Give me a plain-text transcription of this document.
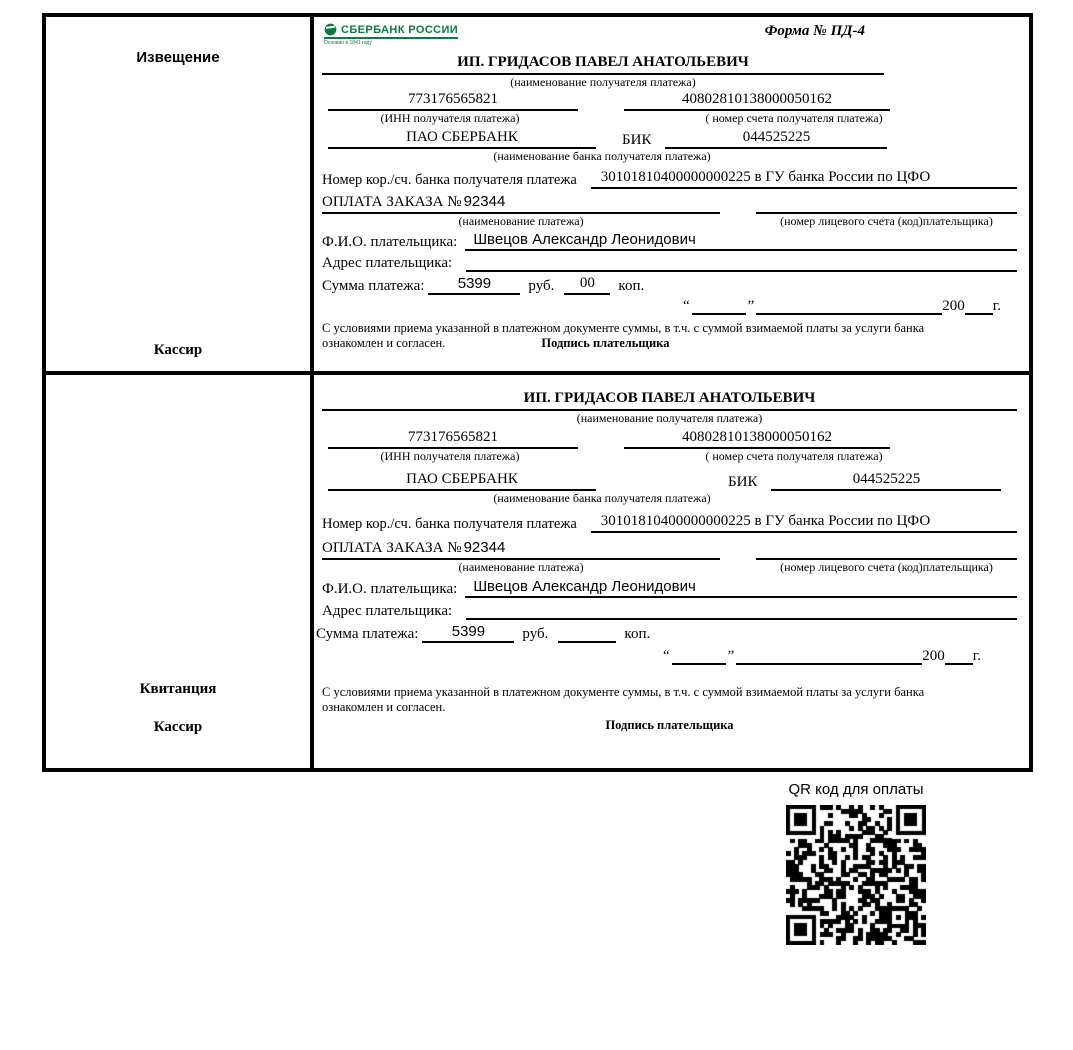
Извещение
Кассир
СБЕРБАНК РОССИИ
Основан в 1841 году
Форма № ПД-4
ИП. ГРИДАСОВ ПАВЕЛ АНАТОЛЬЕВИЧ
(наименование получателя платежа)
773176565821	40802810138000050162
(ИНН получателя платежа)	( номер счета получателя платежа)
ПАО СБЕРБАНК	БИК	044525225
(наименование банка получателя платежа)
Номер кор./сч. банка получателя платежа	30101810400000000225 в ГУ банка России по ЦФО
ОПЛАТА ЗАКАЗА № 92344
(наименование платежа)	(номер лицевого счета (код)плательщика)
Ф.И.О. плательщика:	Швецов Александр Леонидович
Адрес плательщика:
Сумма платежа:	5399	руб.	00	коп.
“	”	200 г.
С условиями приема указанной в платежном документе суммы, в т.ч. с суммой взимаемой платы за услуги банка
ознакомлен и согласен.	Подпись плательщика
Квитанция
Кассир
ИП. ГРИДАСОВ ПАВЕЛ АНАТОЛЬЕВИЧ
(наименование получателя платежа)
773176565821	40802810138000050162
(ИНН получателя платежа)	( номер счета получателя платежа)
ПАО СБЕРБАНК	БИК	044525225
(наименование банка получателя платежа)
Номер кор./сч. банка получателя платежа	30101810400000000225 в ГУ банка России по ЦФО
ОПЛАТА ЗАКАЗА № 92344
(наименование платежа)	(номер лицевого счета (код)плательщика)
Ф.И.О. плательщика:	Швецов Александр Леонидович
Адрес плательщика:
Сумма платежа:	5399	руб.	коп.
“	”	200 г.
С условиями приема указанной в платежном документе суммы, в т.ч. с суммой взимаемой платы за услуги банка
ознакомлен и согласен.
Подпись плательщика
QR код для оплаты
